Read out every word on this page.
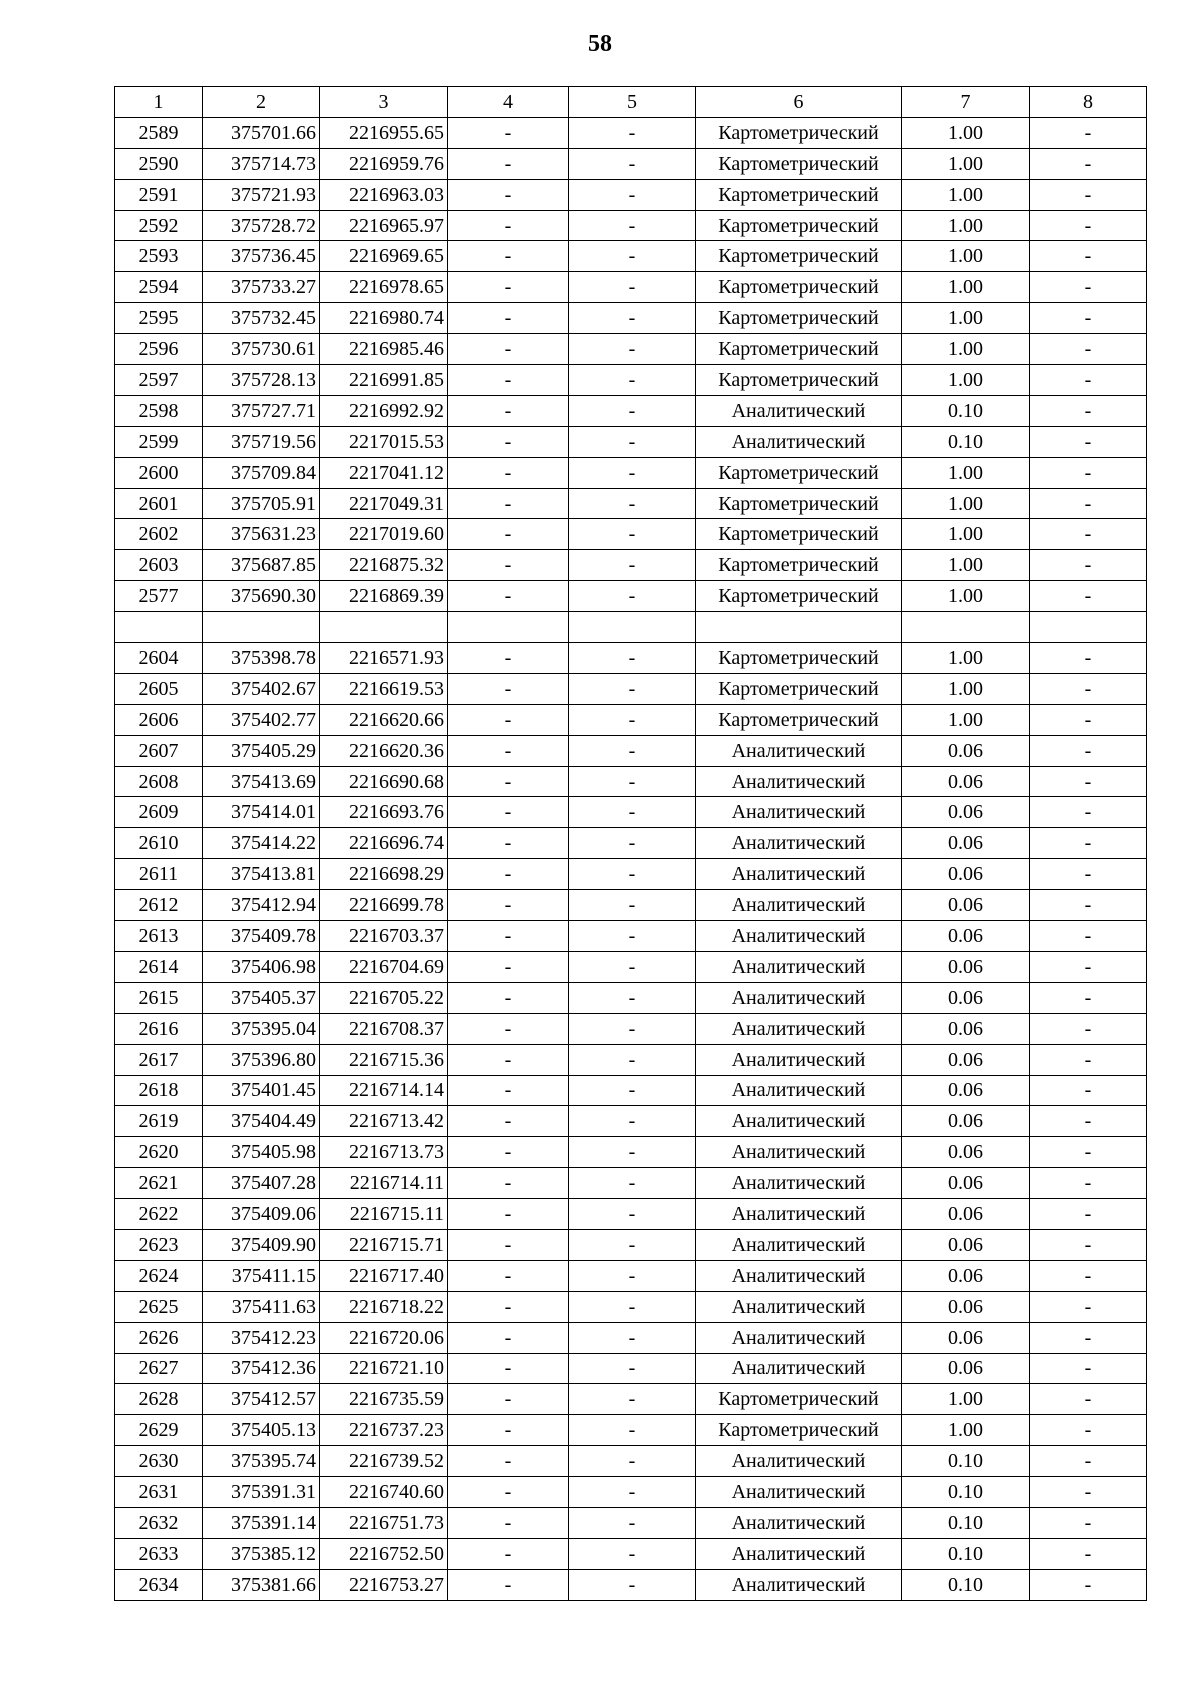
58
1	2	3	4	5	6	7	8
2589	375701.66	2216955.65	-	-	Картометрический	1.00	-
2590	375714.73	2216959.76	-	-	Картометрический	1.00	-
2591	375721.93	2216963.03	-	-	Картометрический	1.00	-
2592	375728.72	2216965.97	-	-	Картометрический	1.00	-
2593	375736.45	2216969.65	-	-	Картометрический	1.00	-
2594	375733.27	2216978.65	-	-	Картометрический	1.00	-
2595	375732.45	2216980.74	-	-	Картометрический	1.00	-
2596	375730.61	2216985.46	-	-	Картометрический	1.00	-
2597	375728.13	2216991.85	-	-	Картометрический	1.00	-
2598	375727.71	2216992.92	-	-	Аналитический	0.10	-
2599	375719.56	2217015.53	-	-	Аналитический	0.10	-
2600	375709.84	2217041.12	-	-	Картометрический	1.00	-
2601	375705.91	2217049.31	-	-	Картометрический	1.00	-
2602	375631.23	2217019.60	-	-	Картометрический	1.00	-
2603	375687.85	2216875.32	-	-	Картометрический	1.00	-
2577	375690.30	2216869.39	-	-	Картометрический	1.00	-

2604	375398.78	2216571.93	-	-	Картометрический	1.00	-
2605	375402.67	2216619.53	-	-	Картометрический	1.00	-
2606	375402.77	2216620.66	-	-	Картометрический	1.00	-
2607	375405.29	2216620.36	-	-	Аналитический	0.06	-
2608	375413.69	2216690.68	-	-	Аналитический	0.06	-
2609	375414.01	2216693.76	-	-	Аналитический	0.06	-
2610	375414.22	2216696.74	-	-	Аналитический	0.06	-
2611	375413.81	2216698.29	-	-	Аналитический	0.06	-
2612	375412.94	2216699.78	-	-	Аналитический	0.06	-
2613	375409.78	2216703.37	-	-	Аналитический	0.06	-
2614	375406.98	2216704.69	-	-	Аналитический	0.06	-
2615	375405.37	2216705.22	-	-	Аналитический	0.06	-
2616	375395.04	2216708.37	-	-	Аналитический	0.06	-
2617	375396.80	2216715.36	-	-	Аналитический	0.06	-
2618	375401.45	2216714.14	-	-	Аналитический	0.06	-
2619	375404.49	2216713.42	-	-	Аналитический	0.06	-
2620	375405.98	2216713.73	-	-	Аналитический	0.06	-
2621	375407.28	2216714.11	-	-	Аналитический	0.06	-
2622	375409.06	2216715.11	-	-	Аналитический	0.06	-
2623	375409.90	2216715.71	-	-	Аналитический	0.06	-
2624	375411.15	2216717.40	-	-	Аналитический	0.06	-
2625	375411.63	2216718.22	-	-	Аналитический	0.06	-
2626	375412.23	2216720.06	-	-	Аналитический	0.06	-
2627	375412.36	2216721.10	-	-	Аналитический	0.06	-
2628	375412.57	2216735.59	-	-	Картометрический	1.00	-
2629	375405.13	2216737.23	-	-	Картометрический	1.00	-
2630	375395.74	2216739.52	-	-	Аналитический	0.10	-
2631	375391.31	2216740.60	-	-	Аналитический	0.10	-
2632	375391.14	2216751.73	-	-	Аналитический	0.10	-
2633	375385.12	2216752.50	-	-	Аналитический	0.10	-
2634	375381.66	2216753.27	-	-	Аналитический	0.10	-
